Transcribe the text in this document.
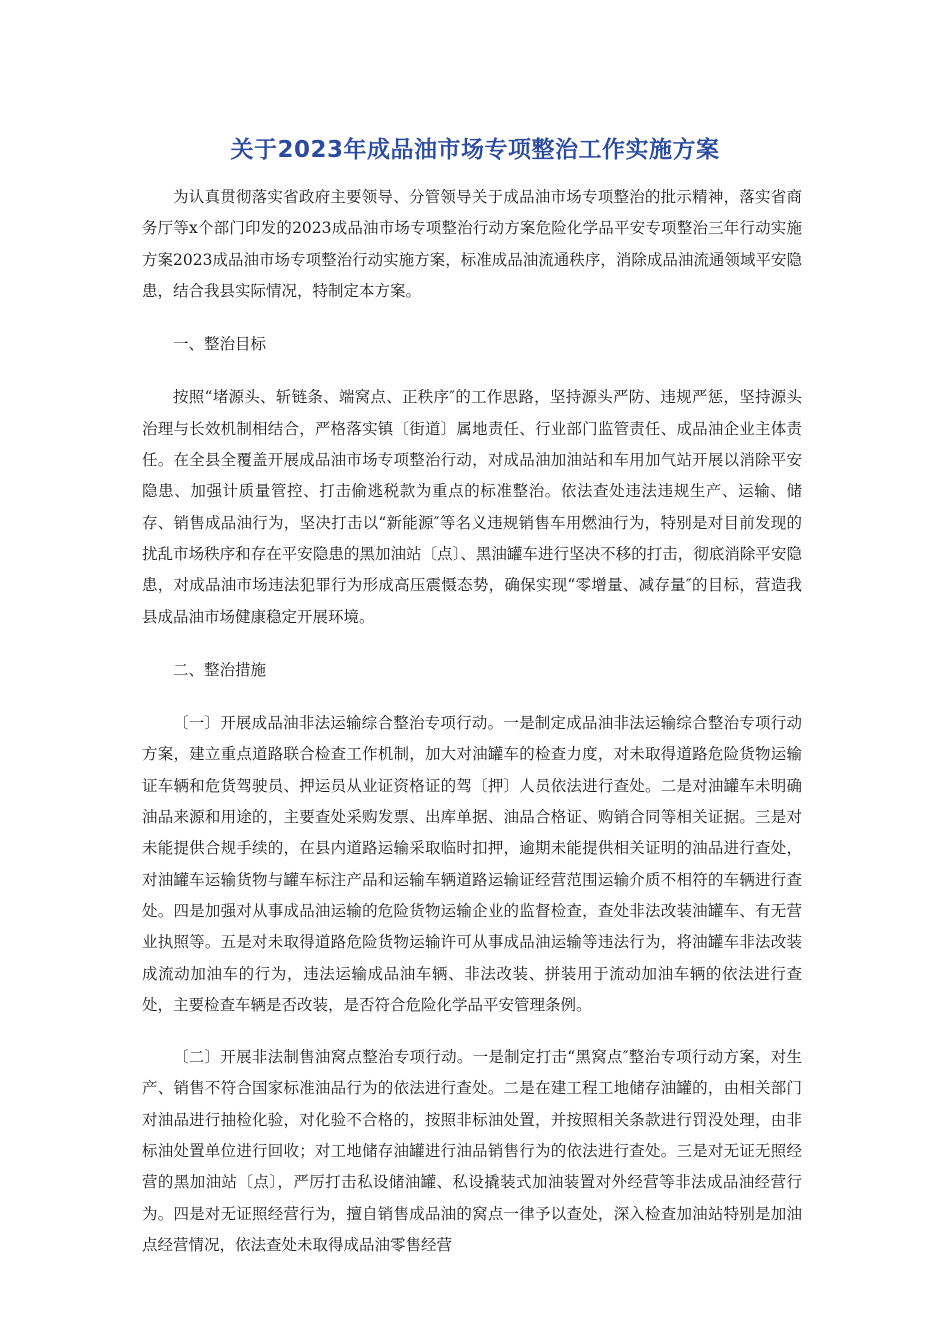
关于2023年成品油市场专项整治工作实施方案

为认真贯彻落实省政府主要领导、分管领导关于成品油市场专项整治的批示精神，落实省商务厅等x个部门印发的2023成品油市场专项整治行动方案危险化学品平安专项整治三年行动实施方案2023成品油市场专项整治行动实施方案，标准成品油流通秩序，消除成品油流通领域平安隐患，结合我县实际情况，特制定本方案。

一、整治目标

按照“堵源头、斩链条、端窝点、正秩序″的工作思路，坚持源头严防、违规严惩，坚持源头治理与长效机制相结合，严格落实镇〔街道〕属地责任、行业部门监管责任、成品油企业主体责任。在全县全覆盖开展成品油市场专项整治行动，对成品油加油站和车用加气站开展以消除平安隐患、加强计质量管控、打击偷逃税款为重点的标准整治。依法查处违法违规生产、运输、储存、销售成品油行为，坚决打击以“新能源″等名义违规销售车用燃油行为，特别是对目前发现的扰乱市场秩序和存在平安隐患的黑加油站〔点〕、黑油罐车进行坚决不移的打击，彻底消除平安隐患，对成品油市场违法犯罪行为形成高压震慑态势，确保实现“零增量、减存量″的目标，营造我县成品油市场健康稳定开展环境。

二、整治措施

〔一〕开展成品油非法运输综合整治专项行动。一是制定成品油非法运输综合整治专项行动方案，建立重点道路联合检查工作机制，加大对油罐车的检查力度，对未取得道路危险货物运输证车辆和危货驾驶员、押运员从业证资格证的驾〔押〕人员依法进行查处。二是对油罐车未明确油品来源和用途的，主要查处采购发票、出库单据、油品合格证、购销合同等相关证据。三是对未能提供合规手续的，在县内道路运输采取临时扣押，逾期未能提供相关证明的油品进行查处，对油罐车运输货物与罐车标注产品和运输车辆道路运输证经营范围运输介质不相符的车辆进行查处。四是加强对从事成品油运输的危险货物运输企业的监督检查，查处非法改装油罐车、有无营业执照等。五是对未取得道路危险货物运输许可从事成品油运输等违法行为，将油罐车非法改装成流动加油车的行为，违法运输成品油车辆、非法改装、拼装用于流动加油车辆的依法进行查处，主要检查车辆是否改装，是否符合危险化学品平安管理条例。

〔二〕开展非法制售油窝点整治专项行动。一是制定打击“黑窝点″整治专项行动方案，对生产、销售不符合国家标准油品行为的依法进行查处。二是在建工程工地储存油罐的，由相关部门对油品进行抽检化验，对化验不合格的，按照非标油处置，并按照相关条款进行罚没处理，由非标油处置单位进行回收；对工地储存油罐进行油品销售行为的依法进行查处。三是对无证无照经营的黑加油站〔点〕，严厉打击私设储油罐、私设撬装式加油装置对外经营等非法成品油经营行为。四是对无证照经营行为，擅自销售成品油的窝点一律予以查处，深入检查加油站特别是加油点经营情况，依法查处未取得成品油零售经营
